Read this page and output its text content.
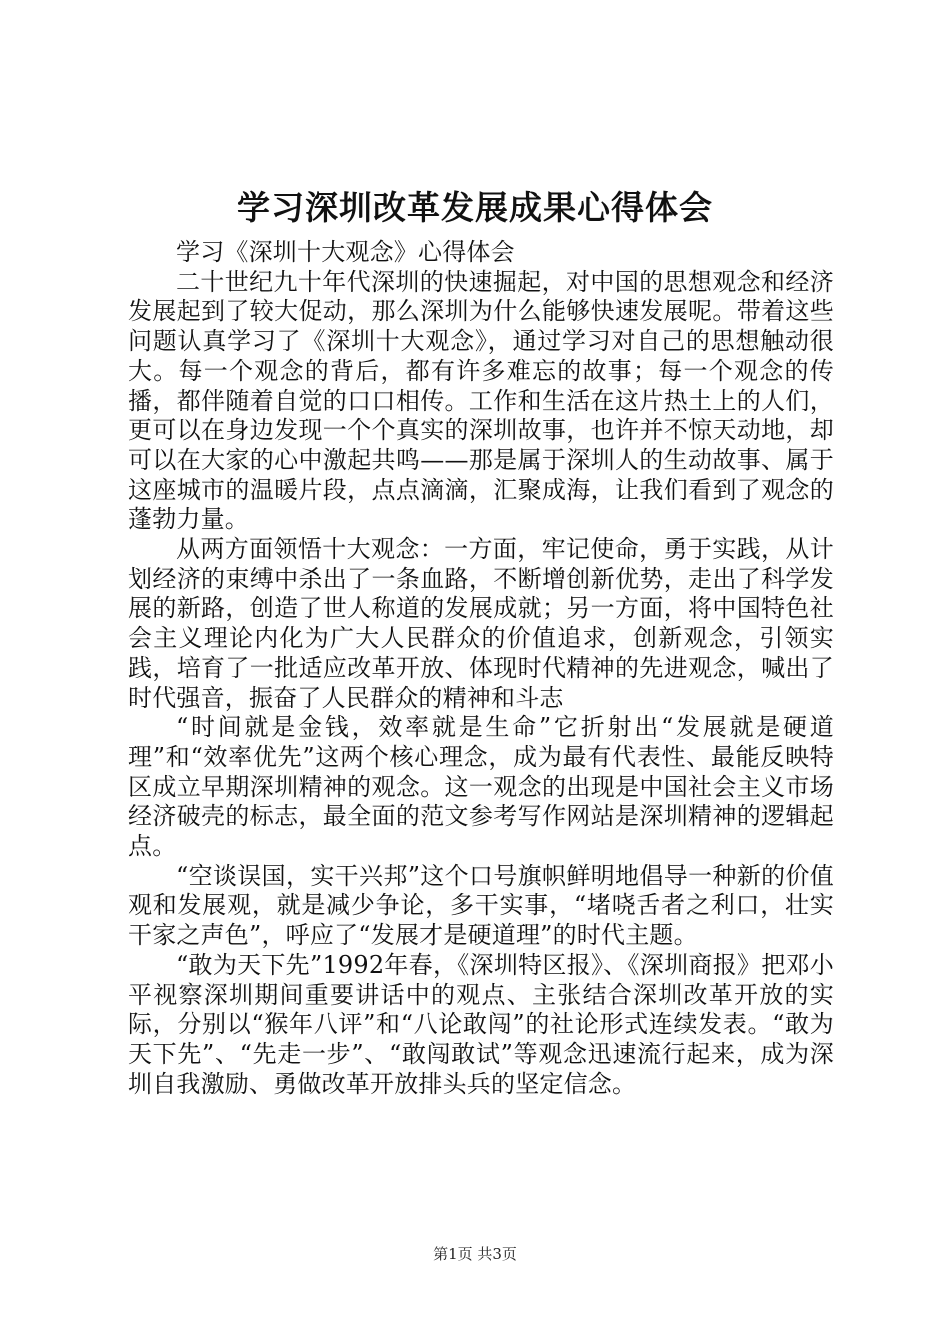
学习深圳改革发展成果心得体会

学习《深圳十大观念》心得体会

二十世纪九十年代深圳的快速掘起，对中国的思想观念和经济发展起到了较大促动，那么深圳为什么能够快速发展呢。带着这些问题认真学习了《深圳十大观念》，通过学习对自己的思想触动很大。每一个观念的背后，都有许多难忘的故事；每一个观念的传播，都伴随着自觉的口口相传。工作和生活在这片热土上的人们，更可以在身边发现一个个真实的深圳故事，也许并不惊天动地，却可以在大家的心中激起共鸣——那是属于深圳人的生动故事、属于这座城市的温暖片段，点点滴滴，汇聚成海，让我们看到了观念的蓬勃力量。

从两方面领悟十大观念：一方面，牢记使命，勇于实践，从计划经济的束缚中杀出了一条血路，不断增创新优势，走出了科学发展的新路，创造了世人称道的发展成就；另一方面，将中国特色社会主义理论内化为广大人民群众的价值追求，创新观念，引领实践，培育了一批适应改革开放、体现时代精神的先进观念，喊出了时代强音，振奋了人民群众的精神和斗志

“时间就是金钱，效率就是生命”它折射出“发展就是硬道理”和“效率优先”这两个核心理念，成为最有代表性、最能反映特区成立早期深圳精神的观念。这一观念的出现是中国社会主义市场经济破壳的标志，最全面的范文参考写作网站是深圳精神的逻辑起点。

“空谈误国，实干兴邦”这个口号旗帜鲜明地倡导一种新的价值观和发展观，就是减少争论，多干实事，“堵哓舌者之利口，壮实干家之声色”，呼应了“发展才是硬道理”的时代主题。

“敢为天下先”1992年春，《深圳特区报》、《深圳商报》把邓小平视察深圳期间重要讲话中的观点、主张结合深圳改革开放的实际，分别以“猴年八评”和“八论敢闯”的社论形式连续发表。“敢为天下先”、“先走一步”、“敢闯敢试”等观念迅速流行起来，成为深圳自我激励、勇做改革开放排头兵的坚定信念。

第1页 共3页
